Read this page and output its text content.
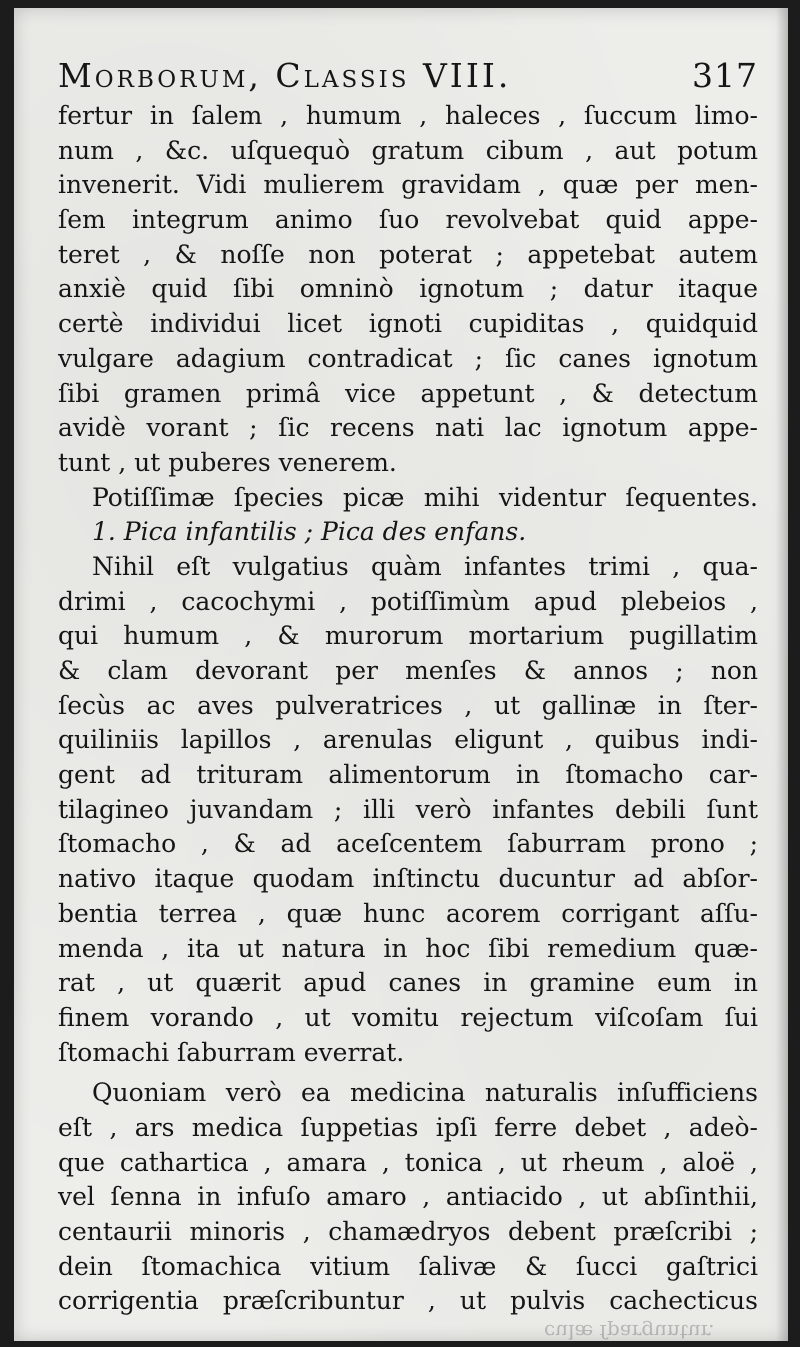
Morborum, Classis VIII.	317
fertur in ſalem , humum , haleces , ſuccum limo-
num , &c. uſquequò gratum cibum , aut potum
invenerit. Vidi mulierem gravidam , quæ per men-
ſem integrum animo ſuo revolvebat quid appe-
teret , & noſſe non poterat ; appetebat autem
anxiè quid ſibi omninò ignotum ; datur itaque
certè individui licet ignoti cupiditas , quidquid
vulgare adagium contradicat ; ſic canes ignotum
ſibi gramen primâ vice appetunt , & detectum
avidè vorant ; ſic recens nati lac ignotum appe-
tunt , ut puberes venerem.
Potiſſimæ ſpecies picæ mihi videntur ſequentes.
1. Pica infantilis ; Pica des enfans.
Nihil eſt vulgatius quàm infantes trimi , qua-
drimi , cacochymi , potiſſimùm apud plebeios ,
qui humum , & murorum mortarium pugillatim
& clam devorant per menſes & annos ; non
ſecùs ac aves pulveratrices , ut gallinæ in ſter-
quiliniis lapillos , arenulas eligunt , quibus indi-
gent ad trituram alimentorum in ſtomacho car-
tilagineo juvandam ; illi verò infantes debili ſunt
ſtomacho , & ad aceſcentem ſaburram prono ;
nativo itaque quodam inſtinctu ducuntur ad abſor-
bentia terrea , quæ hunc acorem corrigant aſſu-
menda , ita ut natura in hoc ſibi remedium quæ-
rat , ut quærit apud canes in gramine eum in
finem vorando , ut vomitu rejectum viſcoſam ſui
ſtomachi ſaburram everrat.
Quoniam verò ea medicina naturalis inſufficiens
eſt , ars medica ſuppetias ipſi ferre debet , adeò-
que cathartica , amara , tonica , ut rheum , aloë ,
vel ſenna in infuſo amaro , antiacido , ut abſinthii,
centaurii minoris , chamædryos debent præſcribi ;
dein ſtomachica vitium ſalivæ & ſucci gaſtrici
corrigentia præſcribuntur , ut pulvis cachecticus
culæ ſparguntur.
